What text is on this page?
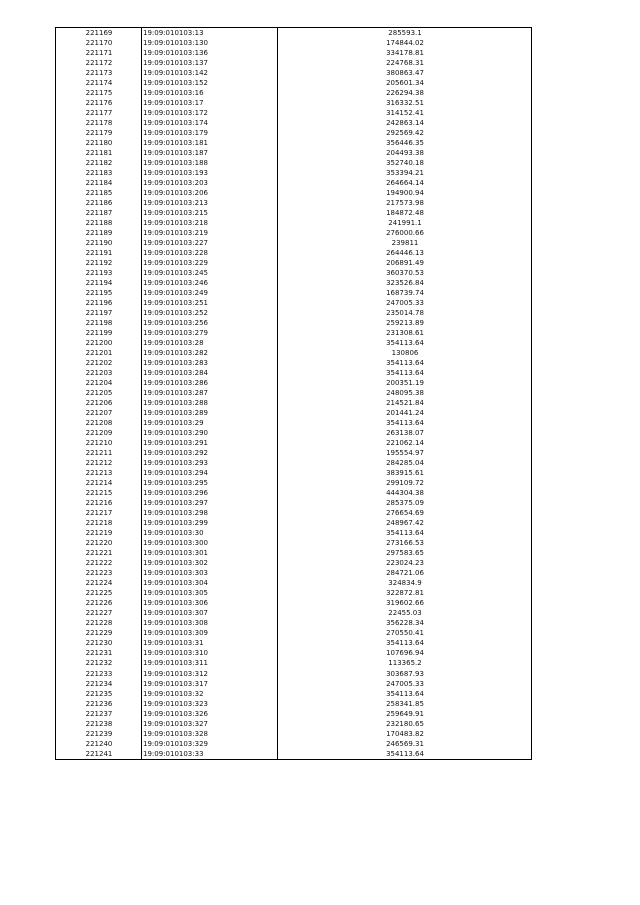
221169	19:09:010103:13	285593.1
221170	19:09:010103:130	174844.02
221171	19:09:010103:136	334178.81
221172	19:09:010103:137	224768.31
221173	19:09:010103:142	380863.47
221174	19:09:010103:152	205601.34
221175	19:09:010103:16	226294.38
221176	19:09:010103:17	316332.51
221177	19:09:010103:172	314152.41
221178	19:09:010103:174	242863.14
221179	19:09:010103:179	292569.42
221180	19:09:010103:181	356446.35
221181	19:09:010103:187	204493.38
221182	19:09:010103:188	352740.18
221183	19:09:010103:193	353394.21
221184	19:09:010103:203	264664.14
221185	19:09:010103:206	194900.94
221186	19:09:010103:213	217573.98
221187	19:09:010103:215	184872.48
221188	19:09:010103:218	241991.1
221189	19:09:010103:219	276000.66
221190	19:09:010103:227	239811
221191	19:09:010103:228	264446.13
221192	19:09:010103:229	206891.49
221193	19:09:010103:245	360370.53
221194	19:09:010103:246	323526.84
221195	19:09:010103:249	168739.74
221196	19:09:010103:251	247005.33
221197	19:09:010103:252	235014.78
221198	19:09:010103:256	259213.89
221199	19:09:010103:279	231308.61
221200	19:09:010103:28	354113.64
221201	19:09:010103:282	130806
221202	19:09:010103:283	354113.64
221203	19:09:010103:284	354113.64
221204	19:09:010103:286	200351.19
221205	19:09:010103:287	248095.38
221206	19:09:010103:288	214521.84
221207	19:09:010103:289	201441.24
221208	19:09:010103:29	354113.64
221209	19:09:010103:290	263138.07
221210	19:09:010103:291	221062.14
221211	19:09:010103:292	195554.97
221212	19:09:010103:293	284285.04
221213	19:09:010103:294	383915.61
221214	19:09:010103:295	299109.72
221215	19:09:010103:296	444304.38
221216	19:09:010103:297	285375.09
221217	19:09:010103:298	276654.69
221218	19:09:010103:299	248967.42
221219	19:09:010103:30	354113.64
221220	19:09:010103:300	273166.53
221221	19:09:010103:301	297583.65
221222	19:09:010103:302	223024.23
221223	19:09:010103:303	284721.06
221224	19:09:010103:304	324834.9
221225	19:09:010103:305	322872.81
221226	19:09:010103:306	319602.66
221227	19:09:010103:307	22455.03
221228	19:09:010103:308	356228.34
221229	19:09:010103:309	270550.41
221230	19:09:010103:31	354113.64
221231	19:09:010103:310	107696.94
221232	19:09:010103:311	113365.2
221233	19:09:010103:312	303687.93
221234	19:09:010103:317	247005.33
221235	19:09:010103:32	354113.64
221236	19:09:010103:323	258341.85
221237	19:09:010103:326	259649.91
221238	19:09:010103:327	232180.65
221239	19:09:010103:328	170483.82
221240	19:09:010103:329	246569.31
221241	19:09:010103:33	354113.64
